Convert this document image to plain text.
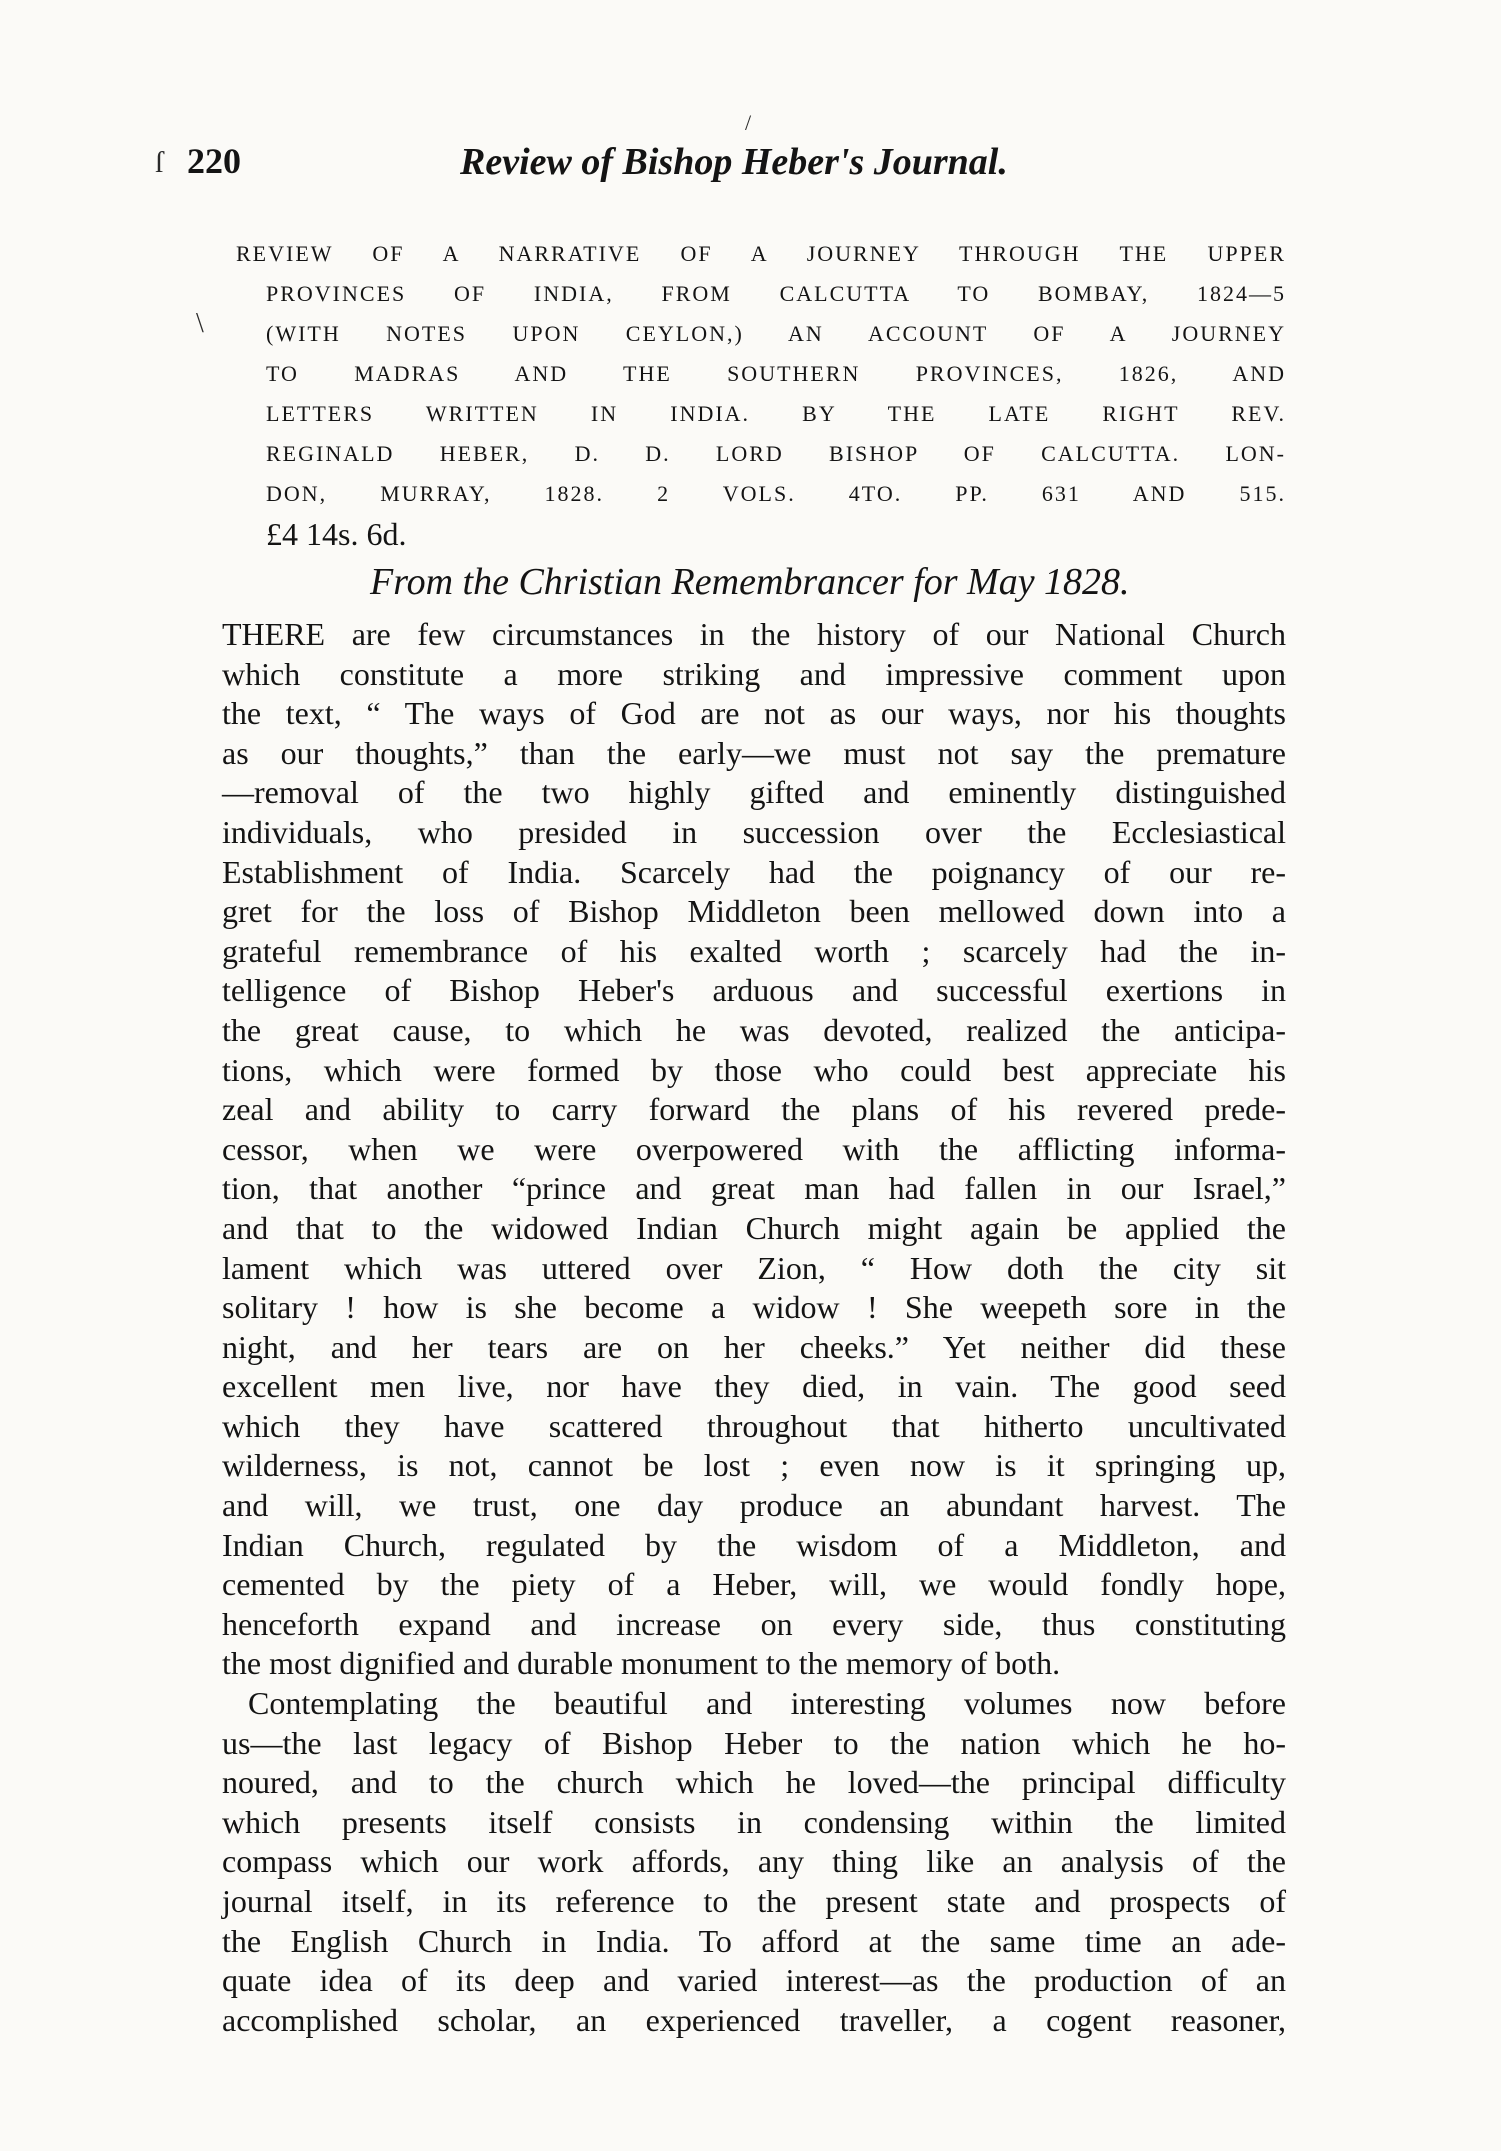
/
ſ
\
220	Review of Bishop Heber's Journal.
REVIEW OF A NARRATIVE OF A JOURNEY THROUGH THE UPPER
PROVINCES OF INDIA, FROM CALCUTTA TO BOMBAY, 1824—5
(WITH NOTES UPON CEYLON,) AN ACCOUNT OF A JOURNEY
TO MADRAS AND THE SOUTHERN PROVINCES, 1826, AND
LETTERS WRITTEN IN INDIA. BY THE LATE RIGHT REV.
REGINALD HEBER, D. D. LORD BISHOP OF CALCUTTA. LON-
DON, MURRAY, 1828. 2 VOLS. 4TO. PP. 631 AND 515.
£4 14s. 6d.
From the Christian Remembrancer for May 1828.

THERE are few circumstances in the history of our National Church
which constitute a more striking and impressive comment upon
the text, “ The ways of God are not as our ways, nor his thoughts
as our thoughts,” than the early—we must not say the premature
—removal of the two highly gifted and eminently distinguished
individuals, who presided in succession over the Ecclesiastical
Establishment of India. Scarcely had the poignancy of our re-
gret for the loss of Bishop Middleton been mellowed down into a
grateful remembrance of his exalted worth ; scarcely had the in-
telligence of Bishop Heber's arduous and successful exertions in
the great cause, to which he was devoted, realized the anticipa-
tions, which were formed by those who could best appreciate his
zeal and ability to carry forward the plans of his revered prede-
cessor, when we were overpowered with the afflicting informa-
tion, that another “prince and great man had fallen in our Israel,”
and that to the widowed Indian Church might again be applied the
lament which was uttered over Zion, “ How doth the city sit
solitary ! how is she become a widow ! She weepeth sore in the
night, and her tears are on her cheeks.” Yet neither did these
excellent men live, nor have they died, in vain. The good seed
which they have scattered throughout that hitherto uncultivated
wilderness, is not, cannot be lost ; even now is it springing up,
and will, we trust, one day produce an abundant harvest. The
Indian Church, regulated by the wisdom of a Middleton, and
cemented by the piety of a Heber, will, we would fondly hope,
henceforth expand and increase on every side, thus constituting
the most dignified and durable monument to the memory of both.

Contemplating the beautiful and interesting volumes now before
us—the last legacy of Bishop Heber to the nation which he ho-
noured, and to the church which he loved—the principal difficulty
which presents itself consists in condensing within the limited
compass which our work affords, any thing like an analysis of the
journal itself, in its reference to the present state and prospects of
the English Church in India. To afford at the same time an ade-
quate idea of its deep and varied interest—as the production of an
accomplished scholar, an experienced traveller, a cogent reasoner,
